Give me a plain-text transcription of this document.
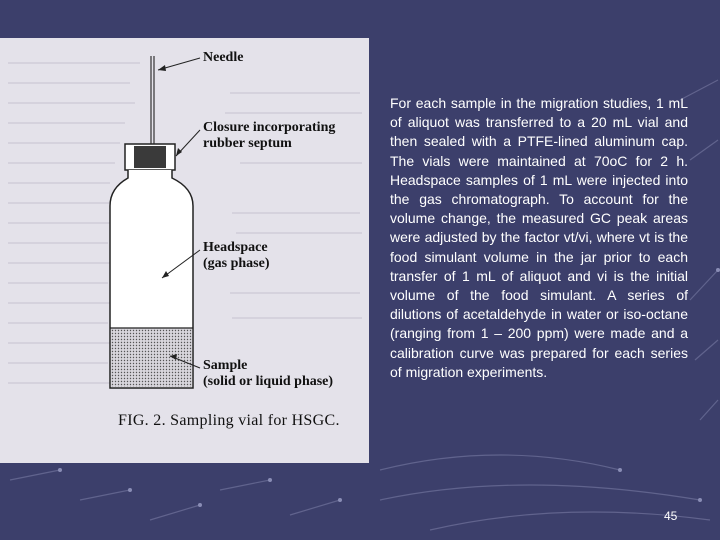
Needle
Closure incorporating
rubber septum
Headspace
(gas phase)
Sample
(solid or liquid phase)
FIG. 2. Sampling vial for HSGC.
For each sample in the migration studies, 1 mL of aliquot was transferred to a 20 mL vial and then sealed with a PTFE-lined aluminum cap. The vials were maintained at 70oC for 2 h. Headspace samples of 1 mL were injected into the gas chromatograph. To account for the volume change, the measured GC peak areas were adjusted by the factor vt/vi, where vt is the food simulant volume in the jar prior to each transfer of 1 mL of aliquot and vi is the initial volume of the food simulant. A series of dilutions of acetaldehyde in water or iso-octane (ranging from 1 – 200 ppm) were made and a calibration curve was prepared for each series of migration experiments.
45
